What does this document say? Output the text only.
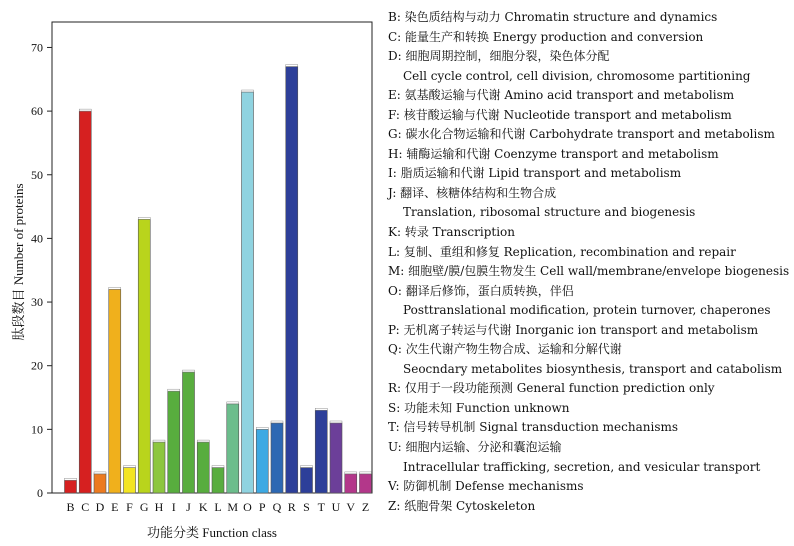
B C D E F G H I J K L M O P Q R S T U V Z
0
10
20
30
40
50
60
70
功能分类 Function class
肽段数目 Number of proteins
B: 染色质结构与动力 Chromatin structure and dynamics
C: 能量生产和转换 Energy production and conversion
D: 细胞周期控制，细胞分裂，染色体分配
Cell cycle control, cell division, chromosome partitioning
E: 氨基酸运输与代谢 Amino acid transport and metabolism
F: 核苷酸运输与代谢 Nucleotide transport and metabolism
G: 碳水化合物运输和代谢 Carbohydrate transport and metabolism
H: 辅酶运输和代谢 Coenzyme transport and metabolism
I: 脂质运输和代谢 Lipid transport and metabolism
J: 翻译、核糖体结构和生物合成
Translation, ribosomal structure and biogenesis
K: 转录 Transcription
L: 复制、重组和修复 Replication, recombination and repair
M: 细胞壁/膜/包膜生物发生 Cell wall/membrane/envelope biogenesis
O: 翻译后修饰，蛋白质转换，伴侣
Posttranslational modification, protein turnover, chaperones
P: 无机离子转运与代谢 Inorganic ion transport and metabolism
Q: 次生代谢产物生物合成、运输和分解代谢
Seocndary metabolites biosynthesis, transport and catabolism
R: 仅用于一段功能预测 General function prediction only
S: 功能未知 Function unknown
T: 信号转导机制 Signal transduction mechanisms
U: 细胞内运输、分泌和囊泡运输
Intracellular trafficking, secretion, and vesicular transport
V: 防御机制 Defense mechanisms
Z: 纸胞骨架 Cytoskeleton
